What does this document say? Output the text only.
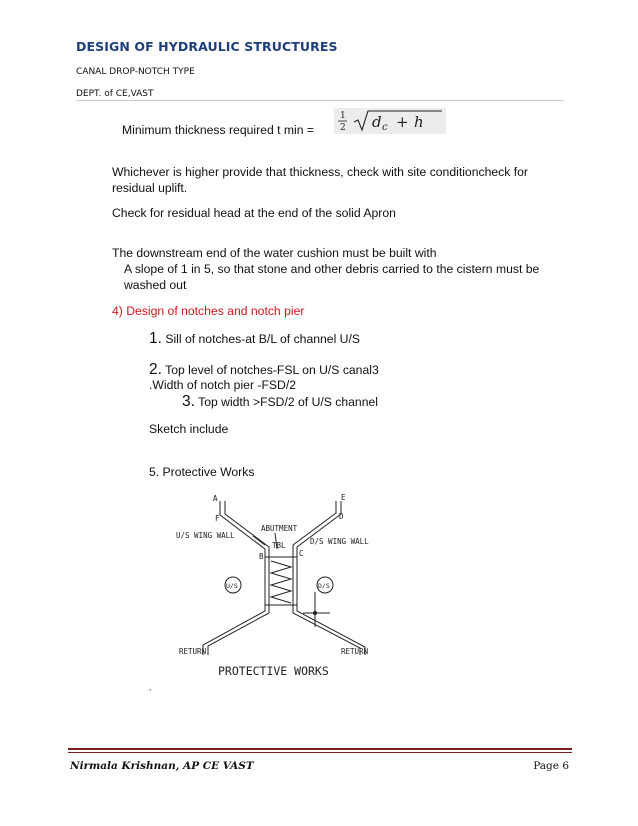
DESIGN OF HYDRAULIC STRUCTURES
CANAL DROP-NOTCH TYPE
DEPT. of CE,VAST
Minimum thickness required t min =
1
2 d c + h
Whichever is higher provide that thickness, check with site conditioncheck for
residual uplift.
Check for residual head at the end of the solid Apron
The downstream end of the water cushion must be built with
A slope of 1 in 5, so that stone and other debris carried to the cistern must be
washed out
4) Design of notches and notch pier
1. Sill of notches-at B/L of channel U/S
2. Top level of notches-FSL on U/S canal3
.Width of notch pier -FSD/2
3. Top width >FSD/2 of U/S channel
Sketch include
5. Protective Works
A	E
F	D
B	C
ABUTMENT
U/S WING WALL
D/S WING WALL
TBL
U/S	D/S
RETURN	RETURN
PROTECTIVE WORKS
‚
Nirmala Krishnan, AP CE VAST	Page 6
